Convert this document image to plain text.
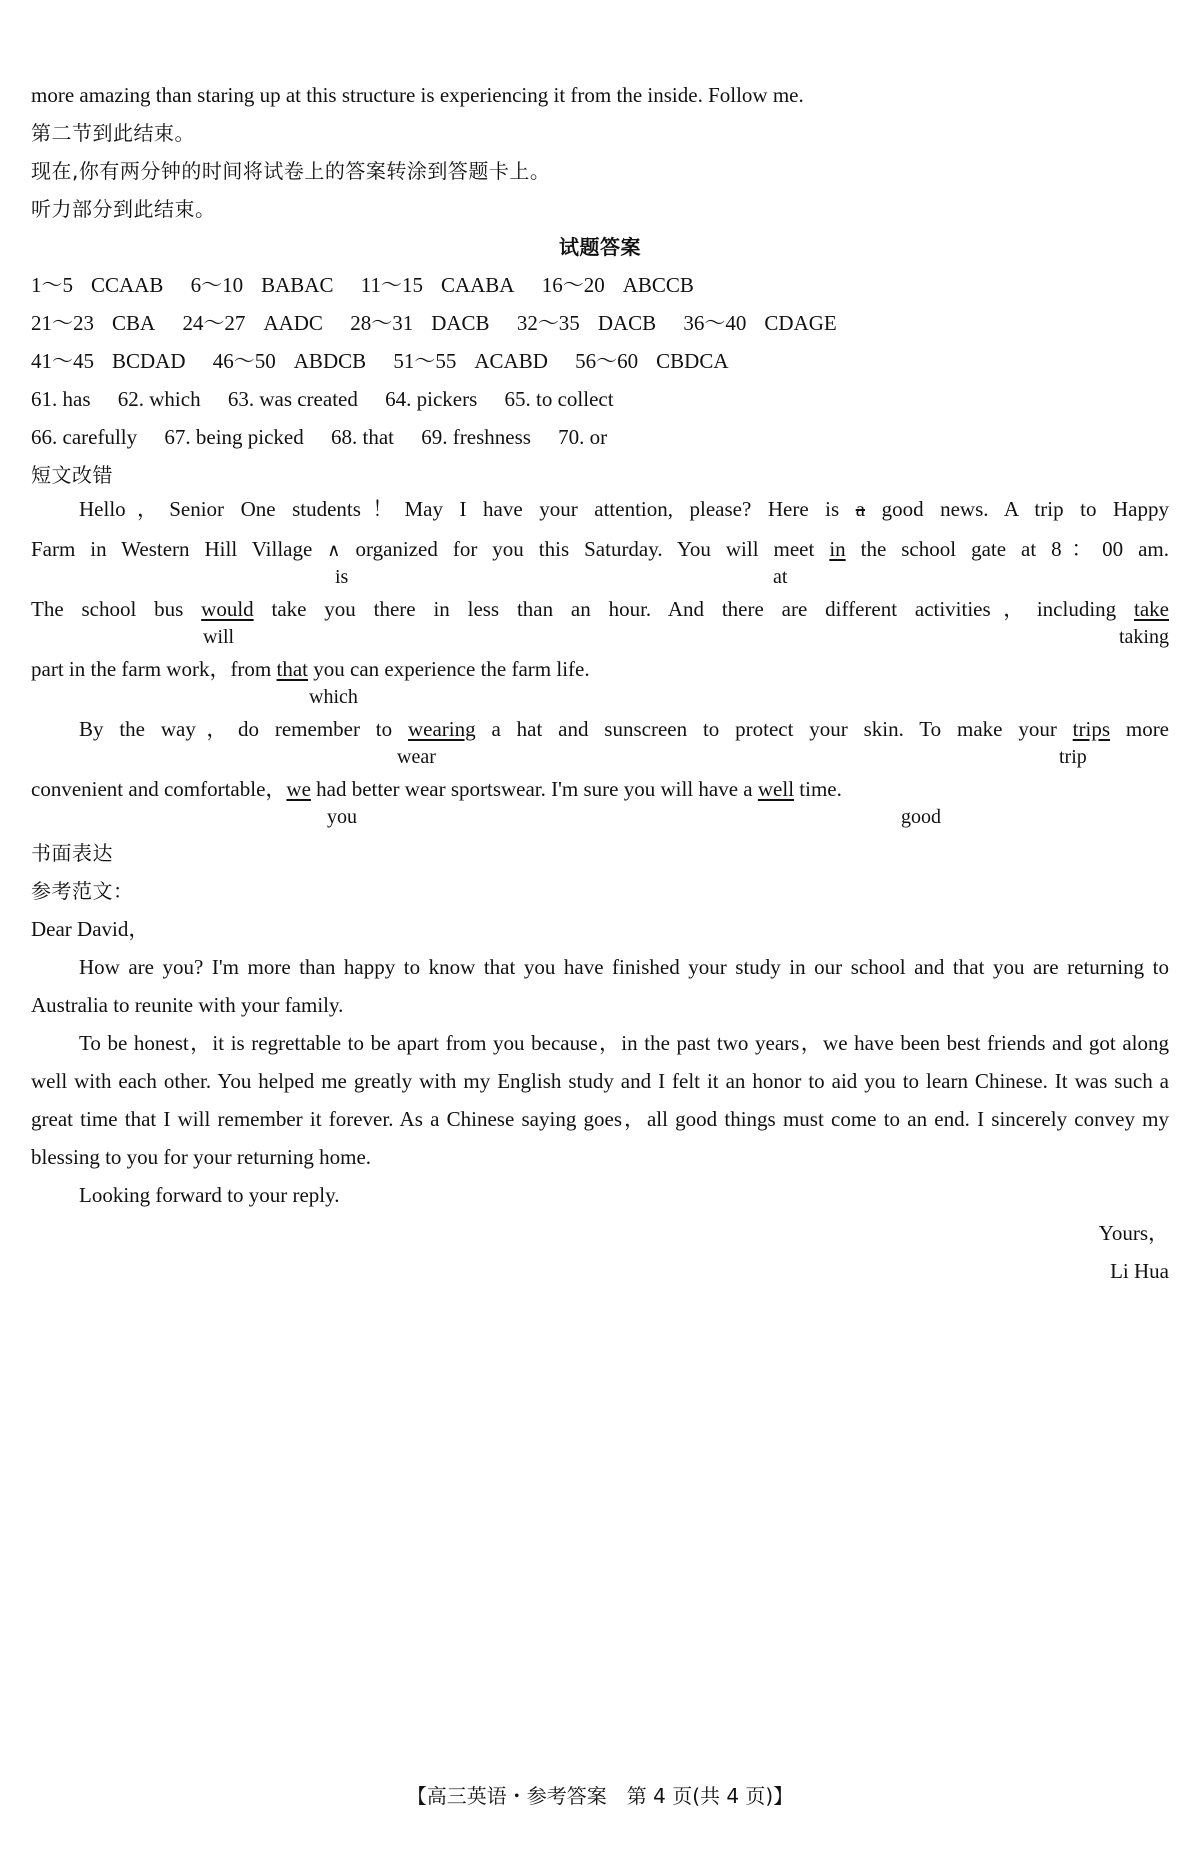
more amazing than staring up at this structure is experiencing it from the inside. Follow me.
第二节到此结束。
现在,你有两分钟的时间将试卷上的答案转涂到答题卡上。
听力部分到此结束。
试题答案
1～5 CCAAB 6～10 BABAC 11～15 CAABA 16～20 ABCCB
21～23 CBA 24～27 AADC 28～31 DACB 32～35 DACB 36～40 CDAGE
41～45 BCDAD 46～50 ABDCB 51～55 ACABD 56～60 CBDCA
61. has 62. which 63. was created 64. pickers 65. to collect
66. carefully 67. being picked 68. that 69. freshness 70. or
短文改错
Hello，Senior One students！May I have your attention, please? Here is a good news. A trip to Happy
Farm in Western Hill Village ∧ organized for you this Saturday. You will meet in the school gate at 8：00 am.
is	at
The school bus would take you there in less than an hour. And there are different activities，including take
will	taking
part in the farm work，from that you can experience the farm life.
which
By the way，do remember to wearing a hat and sunscreen to protect your skin. To make your trips more
wear	trip
convenient and comfortable，we had better wear sportswear. I'm sure you will have a well time.
you	good
书面表达
参考范文：
Dear David，
How are you? I'm more than happy to know that you have finished your study in our school and that you are returning to Australia to reunite with your family.
To be honest，it is regrettable to be apart from you because，in the past two years，we have been best friends and got along well with each other. You helped me greatly with my English study and I felt it an honor to aid you to learn Chinese. It was such a great time that I will remember it forever. As a Chinese saying goes，all good things must come to an end. I sincerely convey my blessing to you for your returning home.
Looking forward to your reply.
Yours，
Li Hua
【高三英语・参考答案　第 4 页(共 4 页)】
